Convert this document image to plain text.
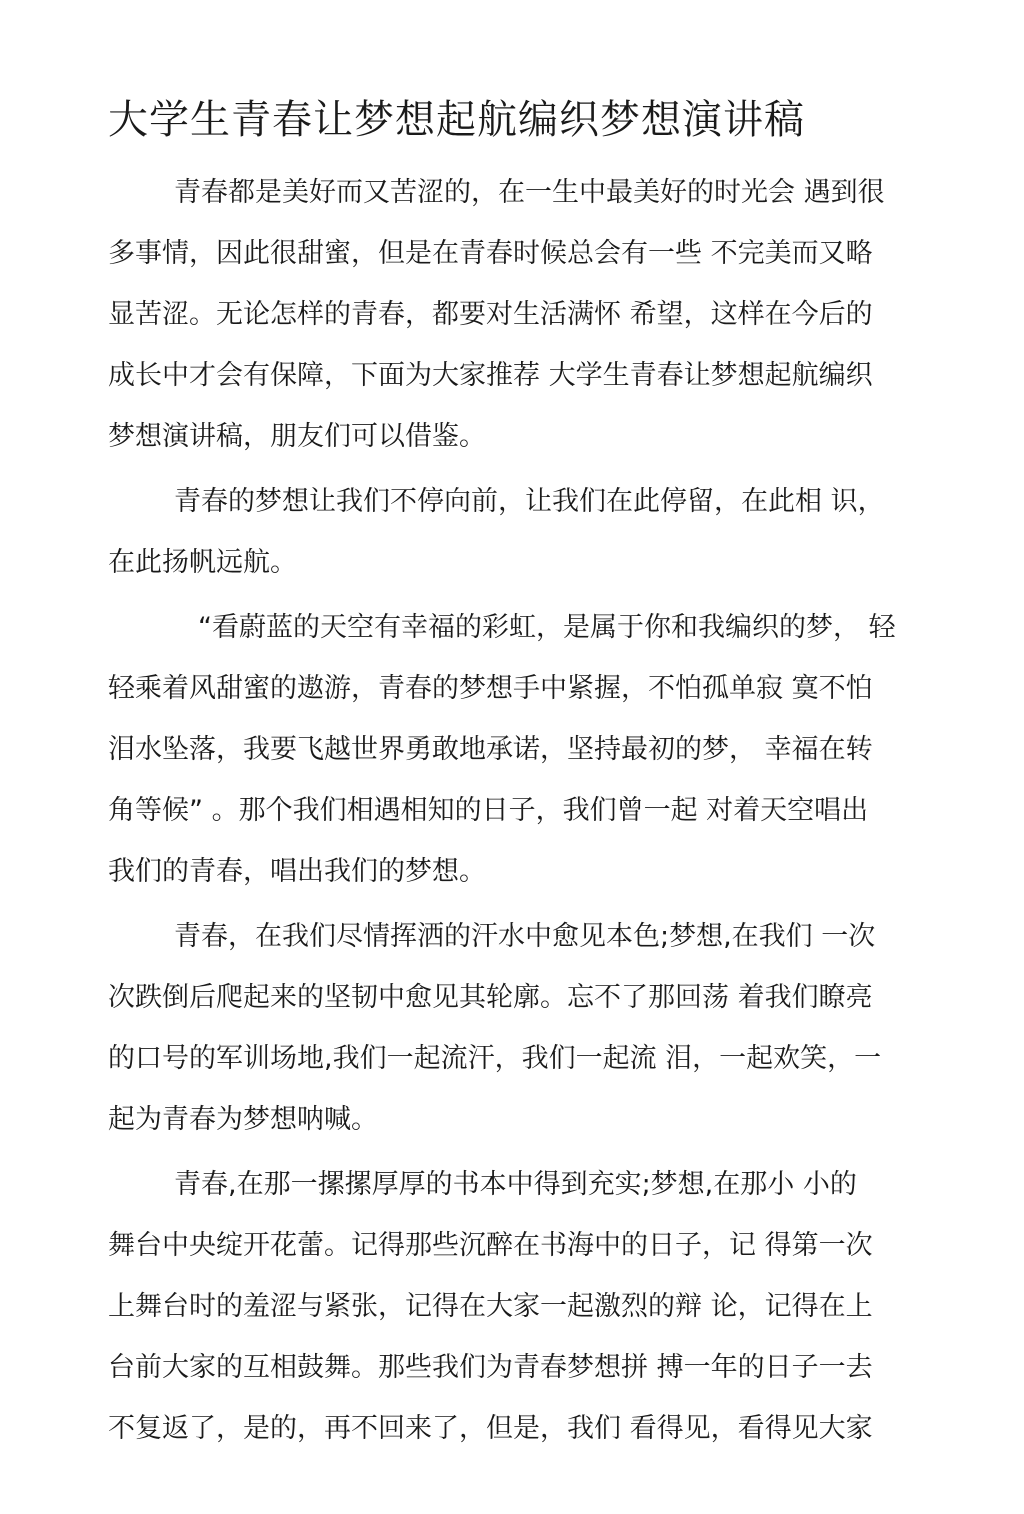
大学生青春让梦想起航编织梦想演讲稿
青春都是美好而又苦涩的，在一生中最美好的时光会 遇到很
多事情，因此很甜蜜，但是在青春时候总会有一些 不完美而又略
显苦涩。无论怎样的青春，都要对生活满怀 希望，这样在今后的
成长中才会有保障，下面为大家推荐 大学生青春让梦想起航编织
梦想演讲稿，朋友们可以借鉴。
青春的梦想让我们不停向前，让我们在此停留，在此相 识，
在此扬帆远航。
“看蔚蓝的天空有幸福的彩虹，是属于你和我编织的梦， 轻
轻乘着风甜蜜的遨游，青春的梦想手中紧握，不怕孤单寂 寞不怕
泪水坠落，我要飞越世界勇敢地承诺，坚持最初的梦， 幸福在转
角等候” 。那个我们相遇相知的日子，我们曾一起 对着天空唱出
我们的青春，唱出我们的梦想。
青春，在我们尽情挥洒的汗水中愈见本色;梦想,在我们 一次
次跌倒后爬起来的坚韧中愈见其轮廓。忘不了那回荡 着我们瞭亮
的口号的军训场地,我们一起流汗，我们一起流 泪，一起欢笑，一
起为青春为梦想呐喊。
青春,在那一摞摞厚厚的书本中得到充实;梦想,在那小 小的
舞台中央绽开花蕾。记得那些沉醉在书海中的日子，记 得第一次
上舞台时的羞涩与紧张，记得在大家一起激烈的辩 论，记得在上
台前大家的互相鼓舞。那些我们为青春梦想拼 搏一年的日子一去
不复返了，是的，再不回来了，但是，我们 看得见，看得见大家
